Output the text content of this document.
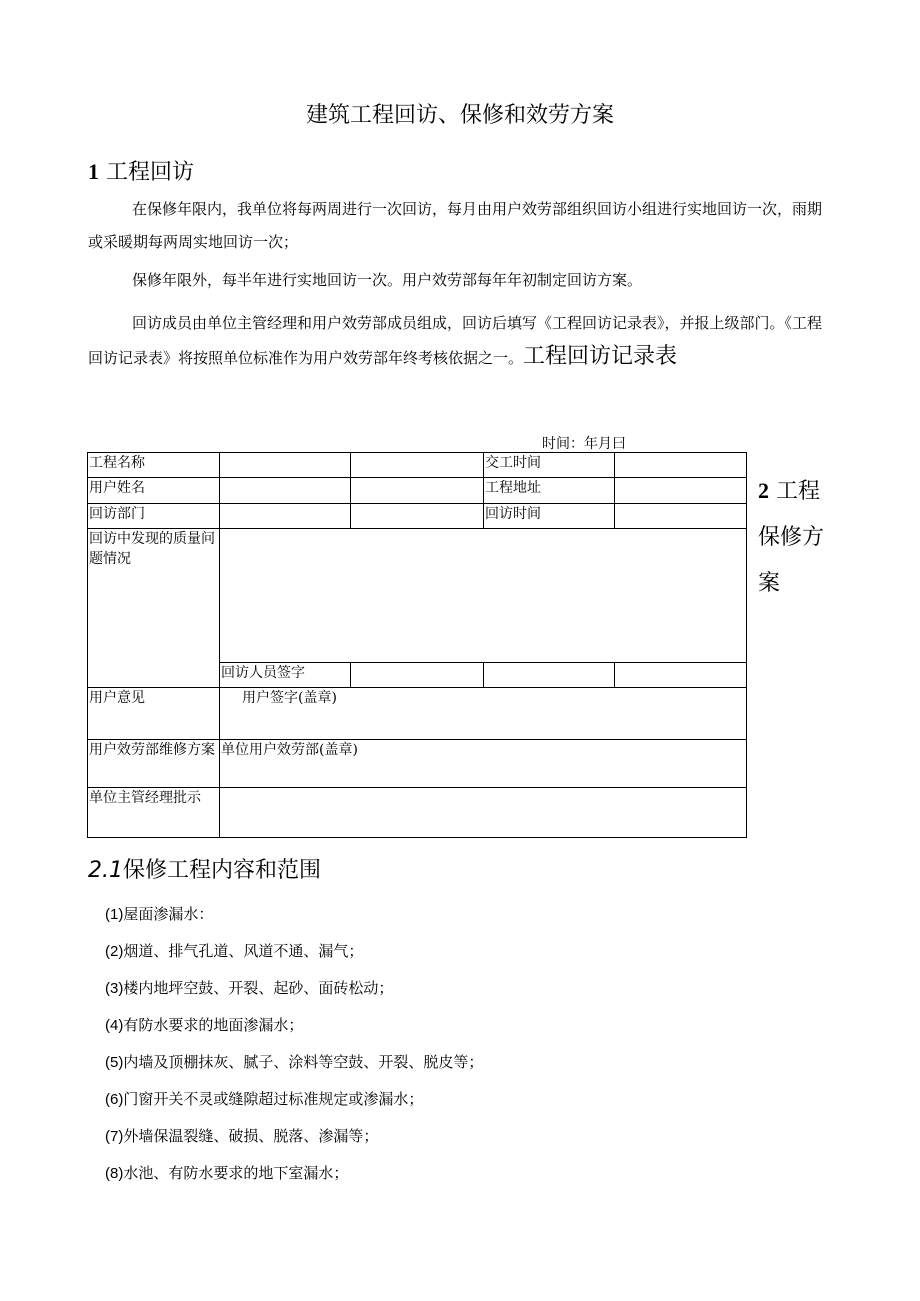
建筑工程回访、保修和效劳方案
1 工程回访
在保修年限内，我单位将每两周进行一次回访，每月由用户效劳部组织回访小组进行实地回访一次，雨期或采暖期每两周实地回访一次；
保修年限外，每半年进行实地回访一次。用户效劳部每年年初制定回访方案。
回访成员由单位主管经理和用户效劳部成员组成，回访后填写《工程回访记录表》，并报上级部门。《工程回访记录表》将按照单位标准作为用户效劳部年终考核依据之一。工程回访记录表
时间：年月曰
工程名称			交工时间	
用户姓名			工程地址	
回访部门			回访时间	
回访中发现的质量问题情况				
	回访人员签字			
用户意见	用户签字(盖章)			
用户效劳部维修方案	单位用户效劳部(盖章)			
单位主管经理批示				
2 工程保修方案
2.1保修工程内容和范围
(1)屋面渗漏水：
(2)烟道、排气孔道、风道不通、漏气；
(3)楼内地坪空鼓、开裂、起砂、面砖松动；
(4)有防水要求的地面渗漏水；
(5)内墙及顶棚抹灰、腻子、涂料等空鼓、开裂、脱皮等；
(6)门窗开关不灵或缝隙超过标准规定或渗漏水；
(7)外墙保温裂缝、破损、脱落、渗漏等；
(8)水池、有防水要求的地下室漏水；
